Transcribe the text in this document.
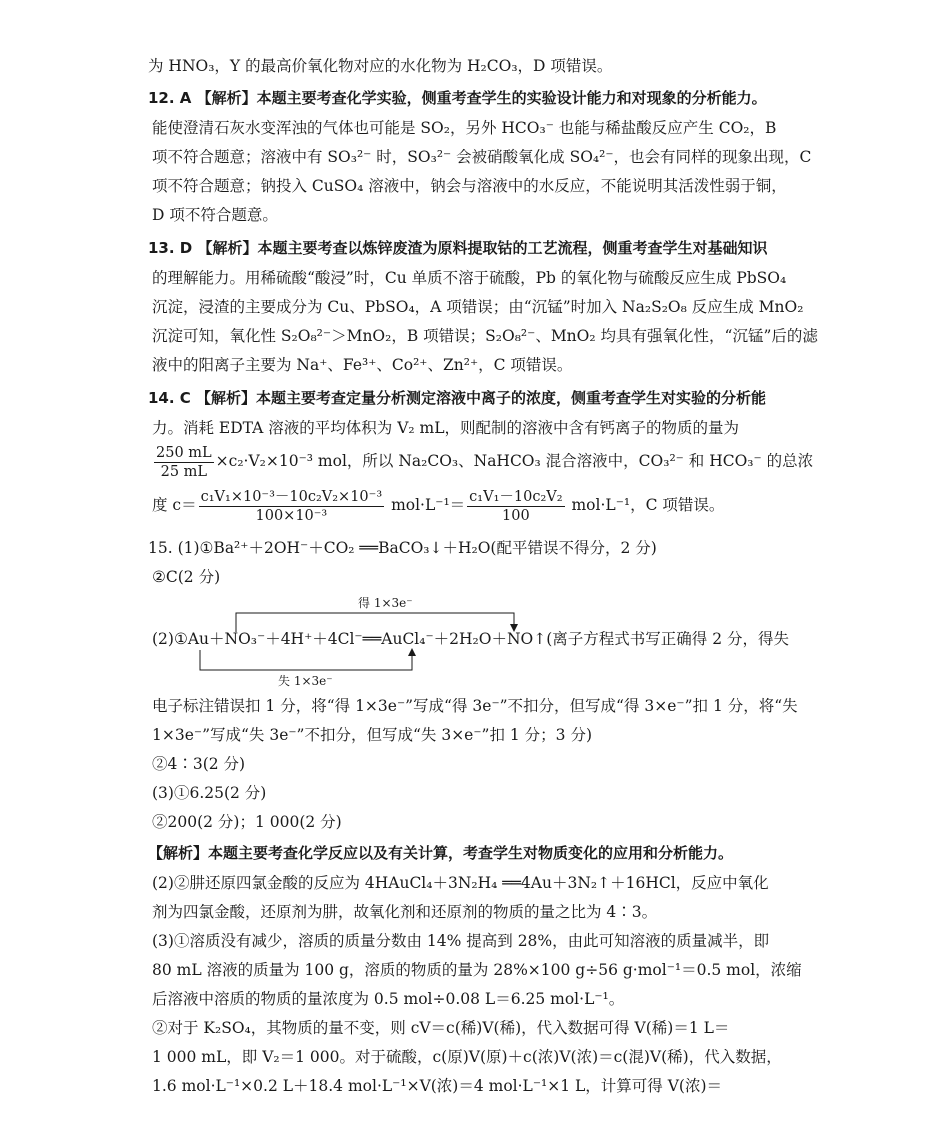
为 HNO₃，Y 的最高价氧化物对应的水化物为 H₂CO₃，D 项错误。
12. A 【解析】本题主要考查化学实验，侧重考查学生的实验设计能力和对现象的分析能力。
能使澄清石灰水变浑浊的气体也可能是 SO₂，另外 HCO₃⁻ 也能与稀盐酸反应产生 CO₂，B
项不符合题意；溶液中有 SO₃²⁻ 时，SO₃²⁻ 会被硝酸氧化成 SO₄²⁻，也会有同样的现象出现，C
项不符合题意；钠投入 CuSO₄ 溶液中，钠会与溶液中的水反应，不能说明其活泼性弱于铜，
D 项不符合题意。
13. D 【解析】本题主要考查以炼锌废渣为原料提取钴的工艺流程，侧重考查学生对基础知识
的理解能力。用稀硫酸“酸浸”时，Cu 单质不溶于硫酸，Pb 的氧化物与硫酸反应生成 PbSO₄
沉淀，浸渣的主要成分为 Cu、PbSO₄，A 项错误；由“沉锰”时加入 Na₂S₂O₈ 反应生成 MnO₂
沉淀可知，氧化性 S₂O₈²⁻＞MnO₂，B 项错误；S₂O₈²⁻、MnO₂ 均具有强氧化性，“沉锰”后的滤
液中的阳离子主要为 Na⁺、Fe³⁺、Co²⁺、Zn²⁺，C 项错误。
14. C 【解析】本题主要考查定量分析测定溶液中离子的浓度，侧重考查学生对实验的分析能
力。消耗 EDTA 溶液的平均体积为 V₂ mL，则配制的溶液中含有钙离子的物质的量为
$\frac{250 mL}{25 mL} \times c_2\cdot V_2\times 10^{-3}$ mol，所以 Na₂CO₃、NaHCO₃ 混合溶液中，CO₃²⁻ 和 HCO₃⁻ 的总浓
度 $c= \frac{\text{c₁V₁×10⁻³－10c₂V₂×10⁻³}}{\text{100×10⁻³}} mol\cdot L^{-1}= \frac{\text{c₁V₁－10c₂V₂}}{100} mol\cdot L^{-1}$，C 项错误。
15. (1)①Ba²⁺＋2OH⁻＋CO₂ ══BaCO₃↓＋H₂O(配平错误不得分，2 分)
②C(2 分)
得 1×3e⁻
(2)①Au＋NO₃⁻＋4H⁺＋4Cl⁻══AuCl₄⁻＋2H₂O＋NO↑(离子方程式书写正确得 2 分，得失
失 1×3e⁻
电子标注错误扣 1 分，将“得 1×3e⁻”写成“得 3e⁻”不扣分，但写成“得 3×e⁻”扣 1 分，将“失
1×3e⁻”写成“失 3e⁻”不扣分，但写成“失 3×e⁻”扣 1 分；3 分)
②4∶3(2 分)
(3)①6.25(2 分)
②200(2 分)；1 000(2 分)
【解析】本题主要考查化学反应以及有关计算，考查学生对物质变化的应用和分析能力。
(2)②肼还原四氯金酸的反应为 4HAuCl₄＋3N₂H₄ ══4Au＋3N₂↑＋16HCl，反应中氧化
剂为四氯金酸，还原剂为肼，故氧化剂和还原剂的物质的量之比为 4∶3。
(3)①溶质没有减少，溶质的质量分数由 14% 提高到 28%，由此可知溶液的质量减半，即
80 mL 溶液的质量为 100 g，溶质的物质的量为 28%×100 g÷56 g·mol⁻¹＝0.5 mol，浓缩
后溶液中溶质的物质的量浓度为 0.5 mol÷0.08 L＝6.25 mol·L⁻¹。
②对于 K₂SO₄，其物质的量不变，则 cV＝c(稀)V(稀)，代入数据可得 V(稀)＝1 L＝
1 000 mL，即 V₂＝1 000。对于硫酸，c(原)V(原)＋c(浓)V(浓)＝c(混)V(稀)，代入数据，
1.6 mol·L⁻¹×0.2 L＋18.4 mol·L⁻¹×V(浓)＝4 mol·L⁻¹×1 L，计算可得 V(浓)＝
